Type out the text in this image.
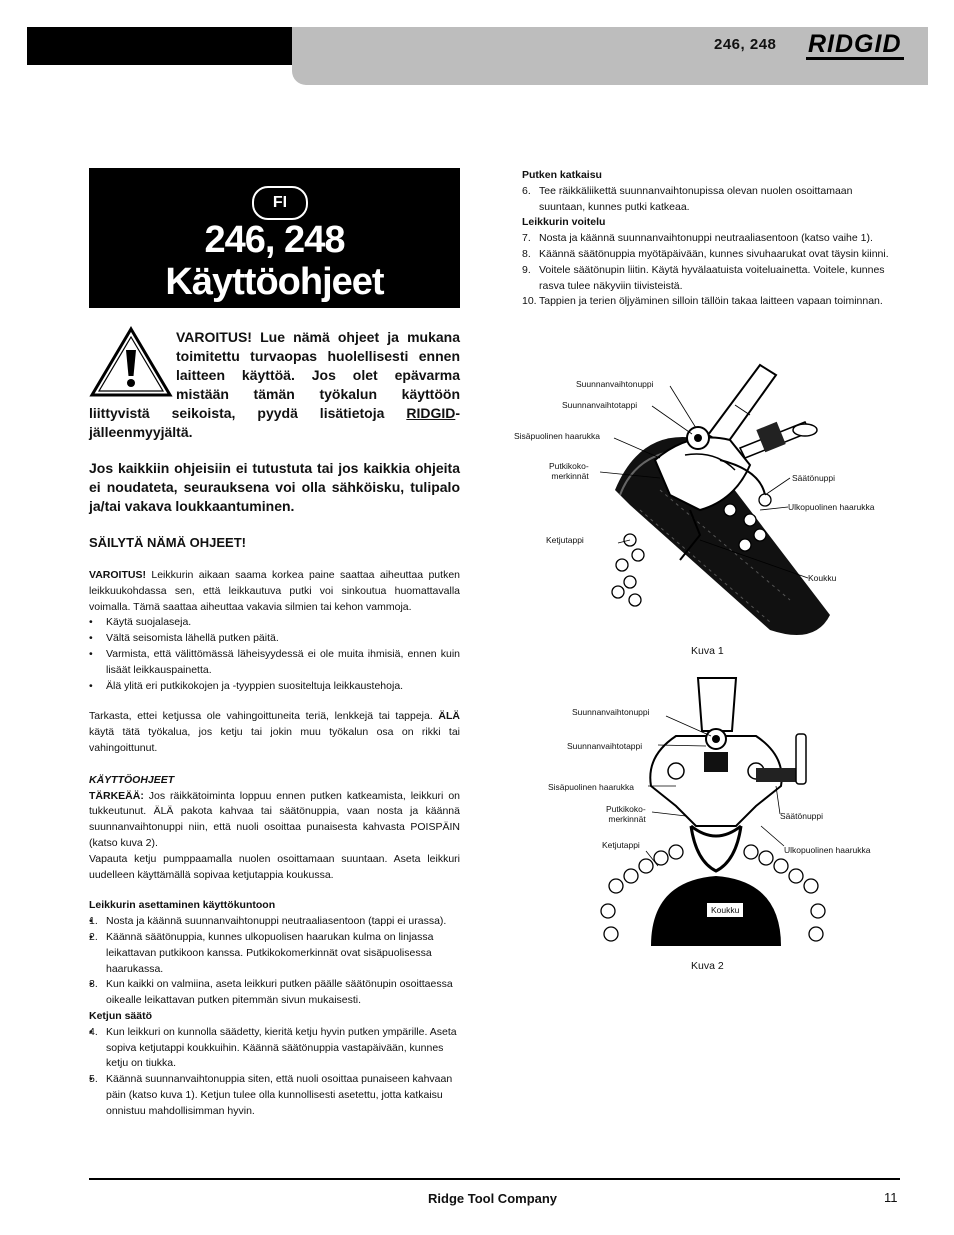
246, 248 RIDGID
FI
246, 248
Käyttöohjeet
VAROITUS! Lue nämä ohjeet ja mukana toimitettu turvaopas huolellisesti ennen laitteen käyttöä. Jos olet epävarma mistään tämän työkalun käyttöön liittyvistä seikoista, pyydä lisätietoja RIDGID-jälleenmyyjältä.
Jos kaikkiin ohjeisiin ei tutustuta tai jos kaikkia ohjeita ei noudateta, seurauksena voi olla sähköisku, tulipalo ja/tai vakava loukkaantuminen.
SÄILYTÄ NÄMÄ OHJEET!

VAROITUS! Leikkurin aikaan saama korkea paine saattaa aiheuttaa putken leikkuukohdassa sen, että leikkautuva putki voi sinkoutua huomattavalla voimalla. Tämä saattaa aiheuttaa vakavia silmien tai kehon vammoja.

• Käytä suojalaseja.
• Vältä seisomista lähellä putken päitä.
• Varmista, että välittömässä läheisyydessä ei ole muita ihmisiä, ennen kuin lisäät leikkauspainetta.
• Älä ylitä eri putkikokojen ja -tyyppien suositeltuja leikkaustehoja.

Tarkasta, ettei ketjussa ole vahingoittuneita teriä, lenkkejä tai tappeja. ÄLÄ käytä tätä työkalua, jos ketju tai jokin muu työkalun osa on rikki tai vahingoittunut.

KÄYTTÖOHJEET

TÄRKEÄÄ: Jos räikkätoiminta loppuu ennen putken katkeamista, leikkuri on tukkeutunut. ÄLÄ pakota kahvaa tai säätönuppia, vaan nosta ja käännä suunnanvaihtonuppi niin, että nuoli osoittaa punaisesta kahvasta POISPÄIN (katso kuva 2).

Vapauta ketju pumppaamalla nuolen osoittamaan suuntaan. Aseta leikkuri uudelleen käyttämällä sopivaa ketjutappia koukussa.

Leikkurin asettaminen käyttökuntoon

• 1. Nosta ja käännä suunnanvaihtonuppi neutraaliasentoon (tappi ei urassa).
• 2. Käännä säätönuppia, kunnes ulkopuolisen haarukan kulma on linjassa leikattavan putkikoon kanssa. Putkikokomerkinnät ovat sisäpuolisessa haarukassa.
• 3. Kun kaikki on valmiina, aseta leikkuri putken päälle säätönupin osoittaessa oikealle leikattavan putken pitemmän sivun mukaisesti.

Ketjun säätö

• 4. Kun leikkuri on kunnolla säädetty, kieritä ketju hyvin putken ympärille. Aseta sopiva ketjutappi koukkuihin. Käännä säätönuppia vastapäivään, kunnes ketju on tiukka.
• 5. Käännä suunnanvaihtonuppia siten, että nuoli osoittaa punaiseen kahvaan päin (katso kuva 1). Ketjun tulee olla kunnollisesti asetettu, jotta katkaisu onnistuu mahdollisimman hyvin.
Putken katkaisu
6. Tee räikkäliikettä suunnanvaihtonupissa olevan nuolen osoittamaan suuntaan, kunnes putki katkeaa.
Leikkurin voitelu
7. Nosta ja käännä suunnanvaihtonuppi neutraaliasentoon (katso vaihe 1).
8. Käännä säätönuppia myötäpäivään, kunnes sivuhaarukat ovat täysin kiinni.
9. Voitele säätönupin liitin. Käytä hyvälaatuista voiteluainetta. Voitele, kunnes rasva tulee näkyviin tiivisteistä.
10. Tappien ja terien öljyäminen silloin tällöin takaa laitteen vapaan toiminnan.
Suunnanvaihtonuppi
Suunnanvaihtotappi
Sisäpuolinen haarukka
Putkikoko-
merkinnät
Ketjutappi
Säätönuppi
Ulkopuolinen haarukka
Koukku
Kuva 1
Suunnanvaihtonuppi
Suunnanvaihtotappi
Sisäpuolinen haarukka
Putkikoko-
merkinnät
Ketjutappi
Säätönuppi
Ulkopuolinen haarukka
Koukku
Kuva 2
Ridge Tool Company	11
